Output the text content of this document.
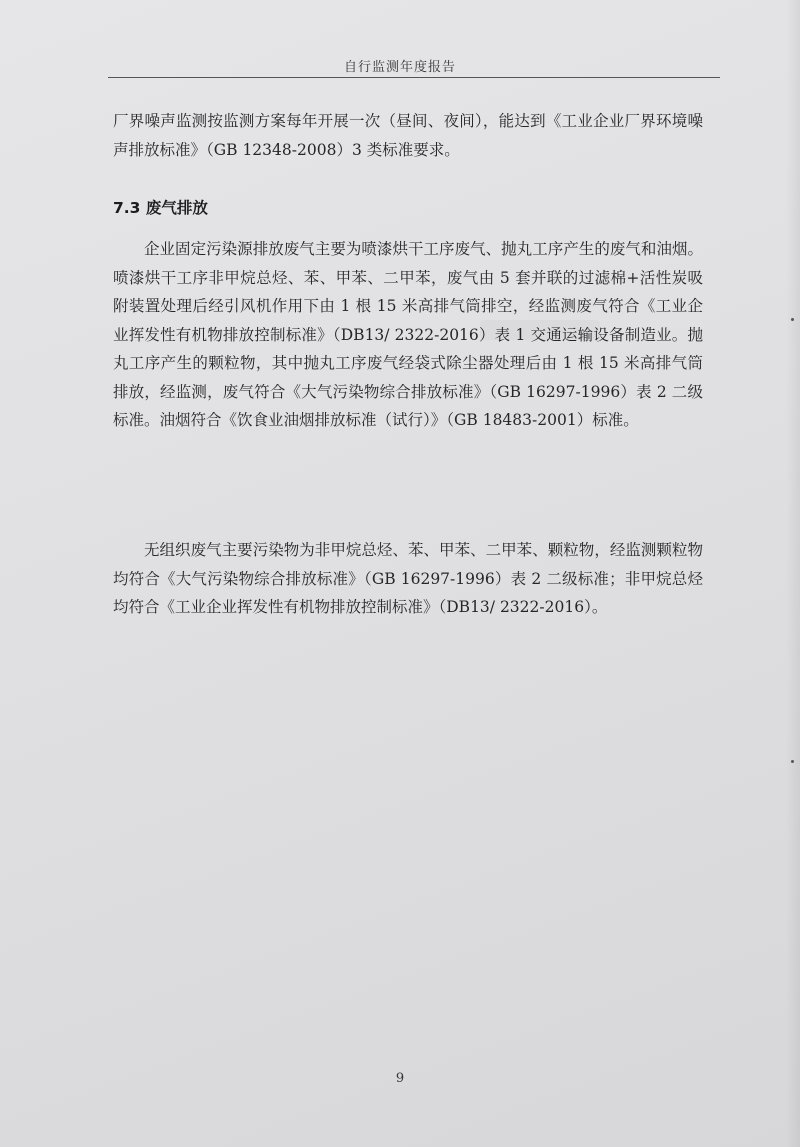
自行监测年度报告

厂界噪声监测按监测方案每年开展一次（昼间、夜间），能达到《工业企业厂界环境噪声排放标准》（GB 12348-2008）3 类标准要求。

7.3 废气排放

企业固定污染源排放废气主要为喷漆烘干工序废气、抛丸工序产生的废气和油烟。喷漆烘干工序非甲烷总烃、苯、甲苯、二甲苯，废气由 5 套并联的过滤棉+活性炭吸附装置处理后经引风机作用下由 1 根 15 米高排气筒排空，经监测废气符合《工业企业挥发性有机物排放控制标准》（DB13/ 2322-2016）表 1 交通运输设备制造业。抛丸工序产生的颗粒物，其中抛丸工序废气经袋式除尘器处理后由 1 根 15 米高排气筒排放，经监测，废气符合《大气污染物综合排放标准》（GB 16297-1996）表 2 二级标准。油烟符合《饮食业油烟排放标准（试行）》（GB 18483-2001）标准。

无组织废气主要污染物为非甲烷总烃、苯、甲苯、二甲苯、颗粒物，经监测颗粒物均符合《大气污染物综合排放标准》（GB 16297-1996）表 2 二级标准；非甲烷总烃均符合《工业企业挥发性有机物排放控制标准》（DB13/ 2322-2016）。

9
